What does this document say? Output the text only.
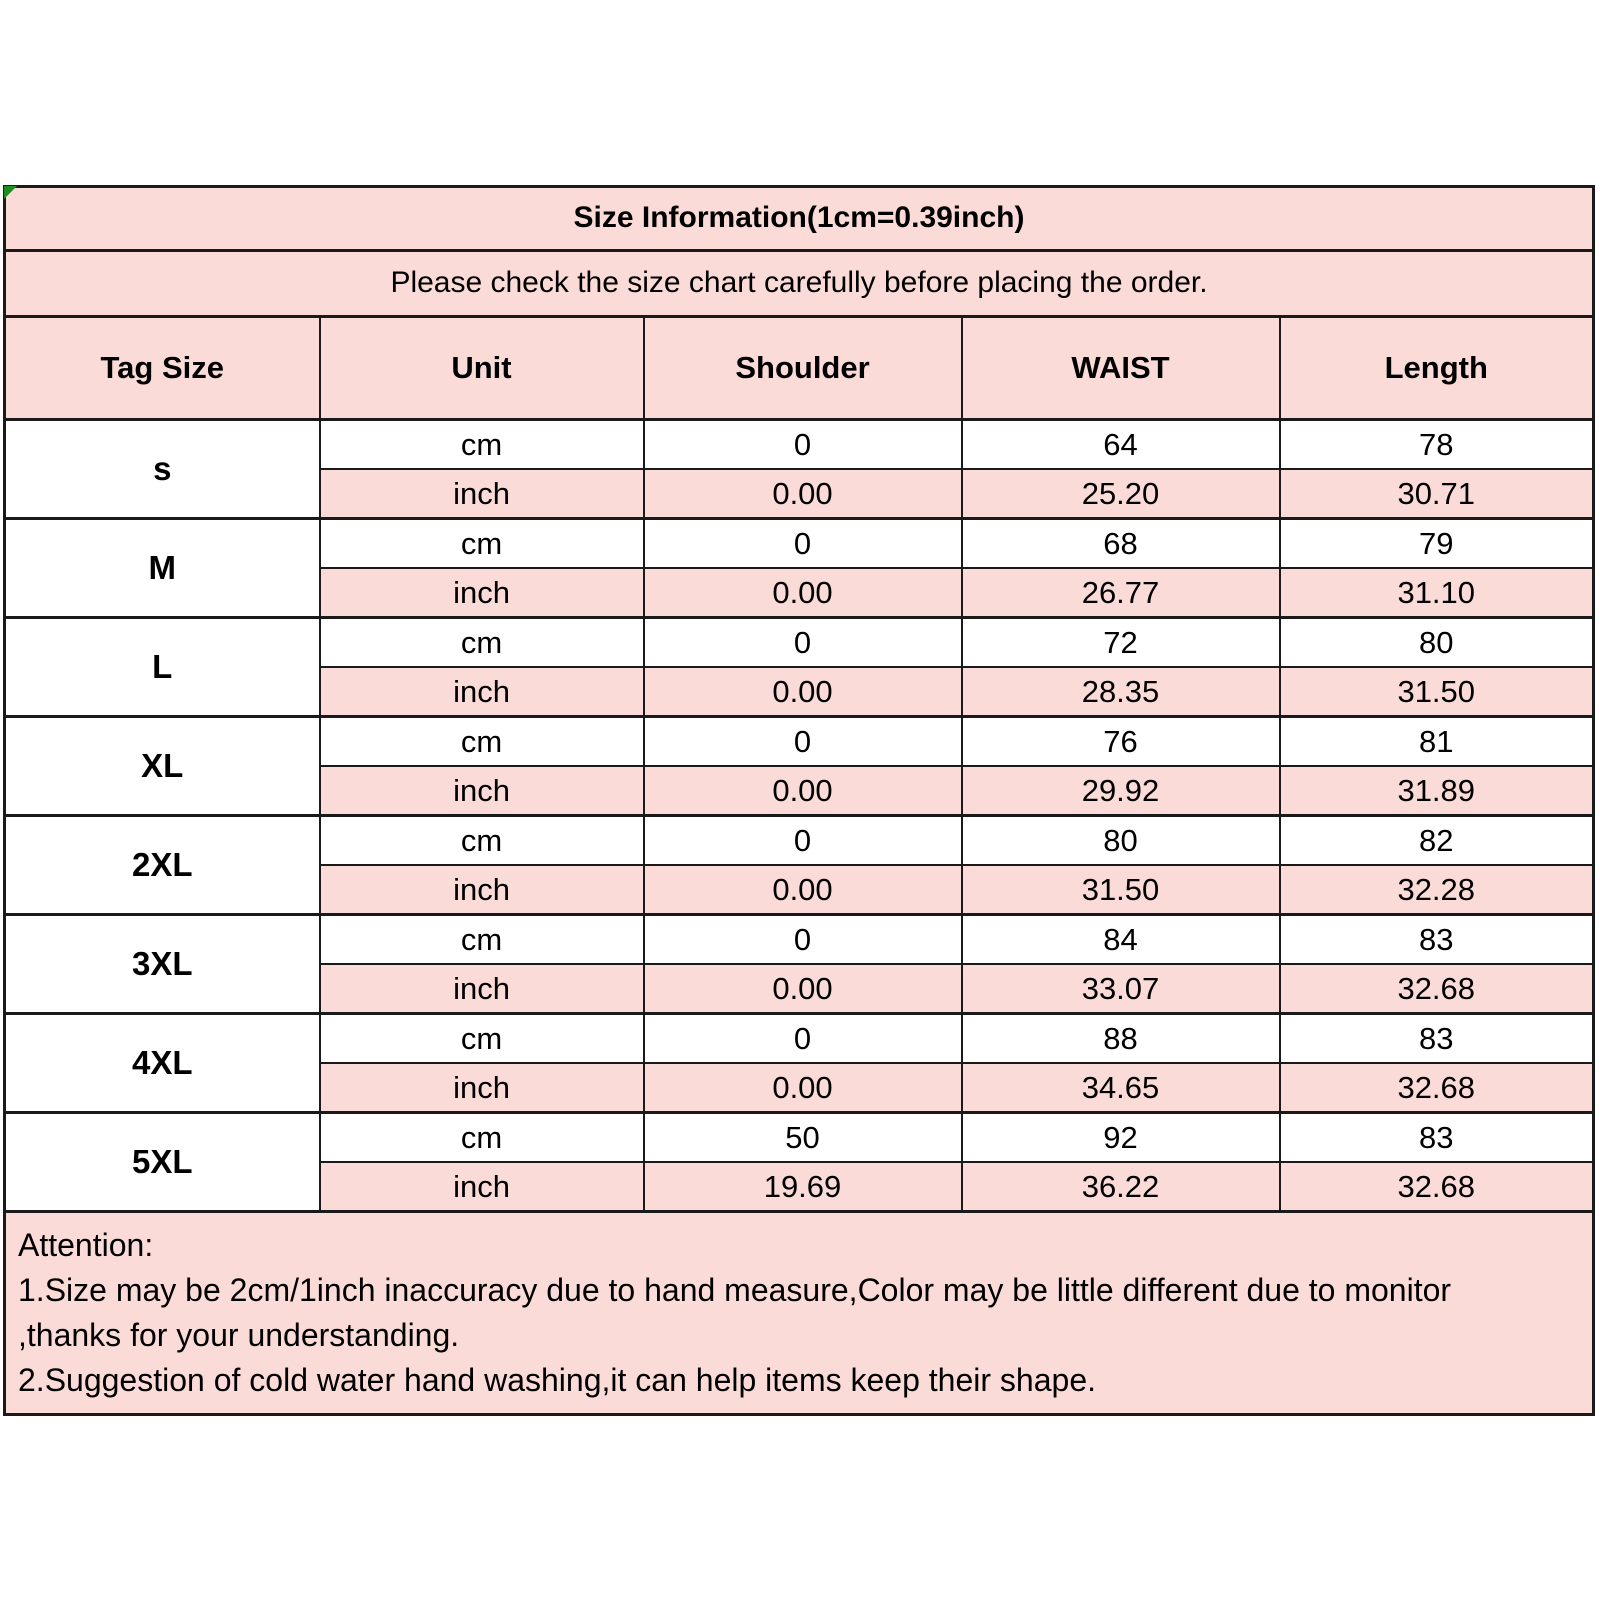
Size Information(1cm=0.39inch)				
Please check the size chart carefully before placing the order.				
Tag Size	Unit	Shoulder	WAIST	Length
s	cm	0	64	78
	inch	0.00	25.20	30.71
M	cm	0	68	79
	inch	0.00	26.77	31.10
L	cm	0	72	80
	inch	0.00	28.35	31.50
XL	cm	0	76	81
	inch	0.00	29.92	31.89
2XL	cm	0	80	82
	inch	0.00	31.50	32.28
3XL	cm	0	84	83
	inch	0.00	33.07	32.68
4XL	cm	0	88	83
	inch	0.00	34.65	32.68
5XL	cm	50	92	83
	inch	19.69	36.22	32.68

Attention:
1.Size may be 2cm/1inch inaccuracy due to hand measure,Color may be little different due to monitor
,thanks for your understanding.
2.Suggestion of cold water hand washing,it can help items keep their shape.				
